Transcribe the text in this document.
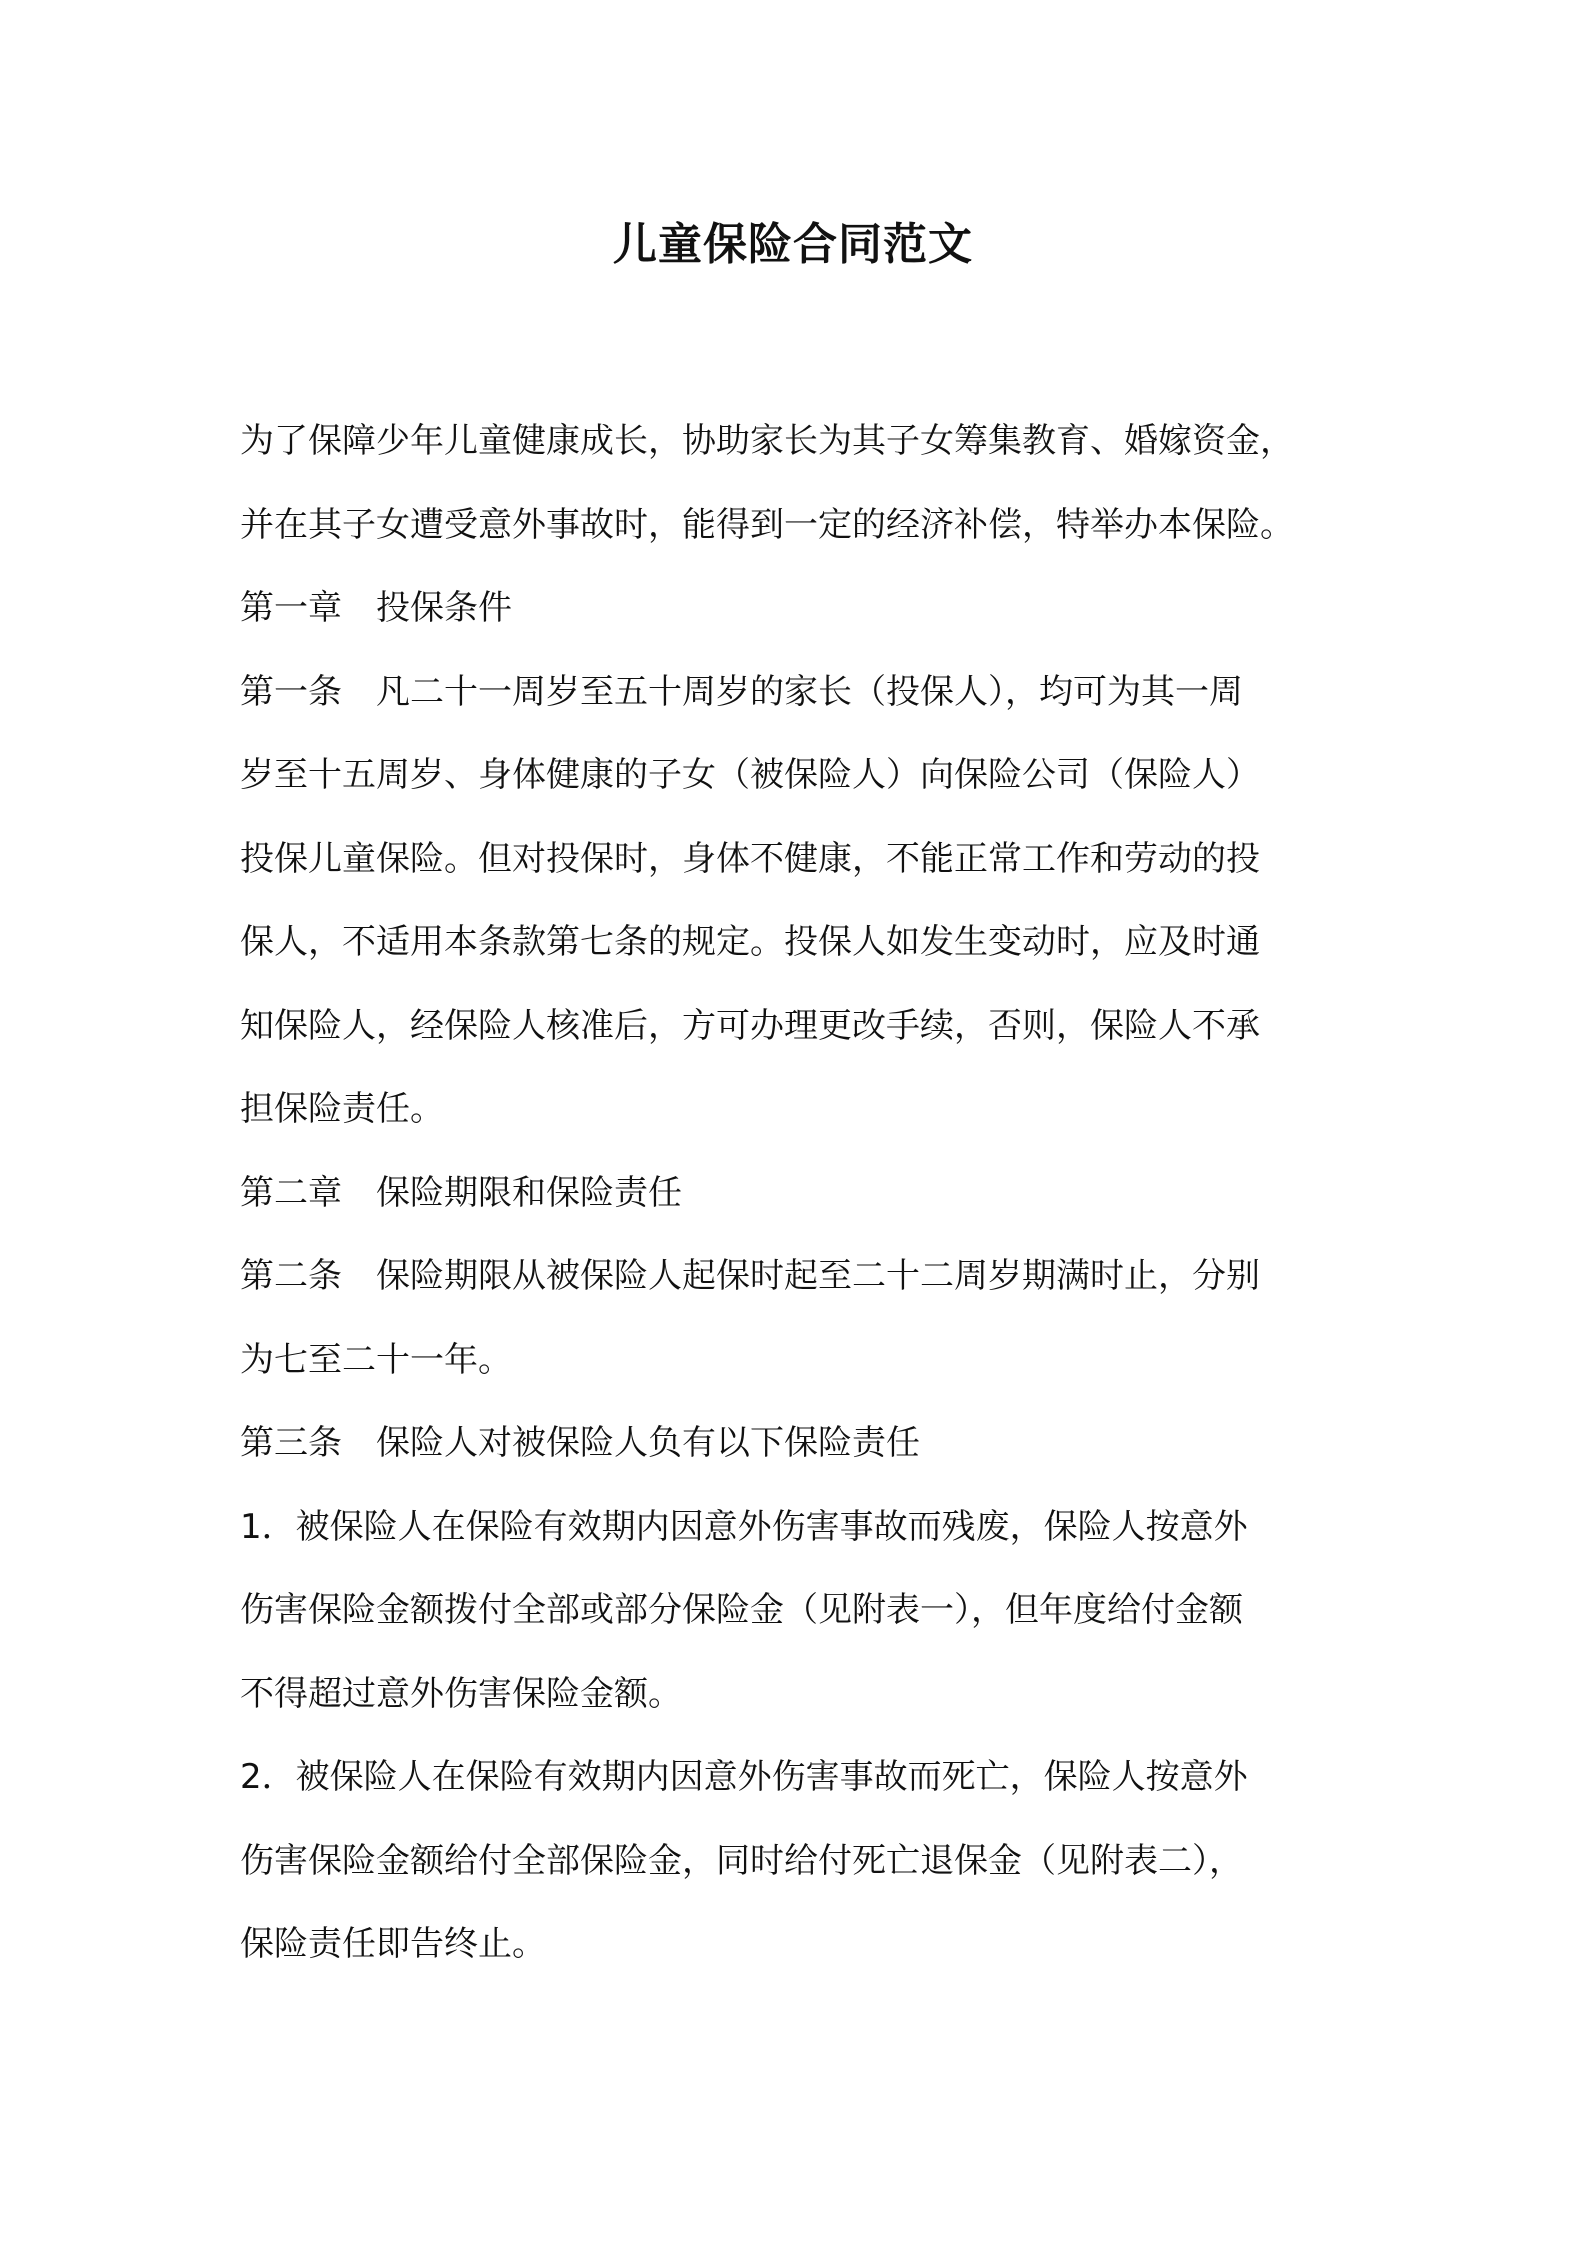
儿童保险合同范文

为了保障少年儿童健康成长，协助家长为其子女筹集教育、婚嫁资金，

并在其子女遭受意外事故时，能得到一定的经济补偿，特举办本保险。

第一章　投保条件

第一条　凡二十一周岁至五十周岁的家长（投保人），均可为其一周

岁至十五周岁、身体健康的子女（被保险人）向保险公司（保险人）

投保儿童保险。但对投保时，身体不健康，不能正常工作和劳动的投

保人，不适用本条款第七条的规定。投保人如发生变动时，应及时通

知保险人，经保险人核准后，方可办理更改手续，否则，保险人不承

担保险责任。

第二章　保险期限和保险责任

第二条　保险期限从被保险人起保时起至二十二周岁期满时止，分别

为七至二十一年。

第三条　保险人对被保险人负有以下保险责任

1．被保险人在保险有效期内因意外伤害事故而残废，保险人按意外

伤害保险金额拨付全部或部分保险金（见附表一），但年度给付金额

不得超过意外伤害保险金额。

2．被保险人在保险有效期内因意外伤害事故而死亡，保险人按意外

伤害保险金额给付全部保险金，同时给付死亡退保金（见附表二），

保险责任即告终止。
